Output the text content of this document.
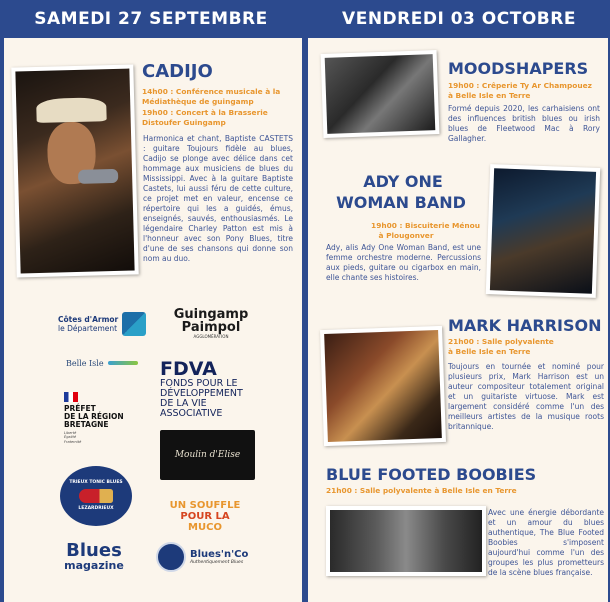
SAMEDI 27 SEPTEMBRE
CADIJO
14h00 : Conférence musicale à la Médiathèque de guingamp
19h00 : Concert à la Brasserie Distoufer Guingamp
Harmonica et chant, Baptiste CASTETS : guitare Toujours fidèle au blues, Cadijo se plonge avec délice dans cet hommage aux musiciens de blues du Mississippi. Avec à la guitare Baptiste Castets, lui aussi féru de cette culture, ce projet met en valeur, encense ce répertoire qui les a guidés, émus, enseignés, sauvés, enthousiasmés. Le légendaire Charley Patton est mis à l'honneur avec son Pony Blues, titre d'une de ses chansons qui donne son nom au duo.
Côtes d'Armor
le Département
Guingamp
Paimpol
AGGLOMÉRATION
Belle Isle
PRÉFET
DE LA RÉGION
BRETAGNE
Liberté
Égalité
Fraternité
FDVA
FONDS POUR LE
DÉVELOPPEMENT
DE LA VIE
ASSOCIATIVE
Moulin d'Elise
TRIEUX TONIC BLUES
LEZARDRIEUX	UN SOUFFLE
POUR LA
MUCO
Blues
magazine
Blues'n'Co
Authentiquement Blues
VENDREDI 03 OCTOBRE
MOODSHAPERS
19h00 : Crêperie Ty Ar Champouez
à Belle Isle en Terre
Formé depuis 2020, les carhaisiens ont des influences british blues ou irish blues de Fleetwood Mac à Rory Gallagher.
ADY ONE
WOMAN BAND
19h00 : Biscuiterie Ménou
à Plougonver
Ady, alis Ady One Woman Band, est une femme orchestre moderne. Percussions aux pieds, guitare ou cigarbox en main, elle chante ses histoires.
MARK HARRISON
21h00 : Salle polyvalente
à Belle Isle en Terre
Toujours en tournée et nominé pour plusieurs prix, Mark Harrison est un auteur compositeur totalement original et un guitariste virtuose. Mark est largement considéré comme l'un des meilleurs artistes de la musique roots britannique.
BLUE FOOTED BOOBIES
21h00 : Salle polyvalente à Belle Isle en Terre
Avec une énergie débordante et un amour du blues authentique, The Blue Footed Boobies s'imposent aujourd'hui comme l'un des groupes les plus prometteurs de la scène blues française.
